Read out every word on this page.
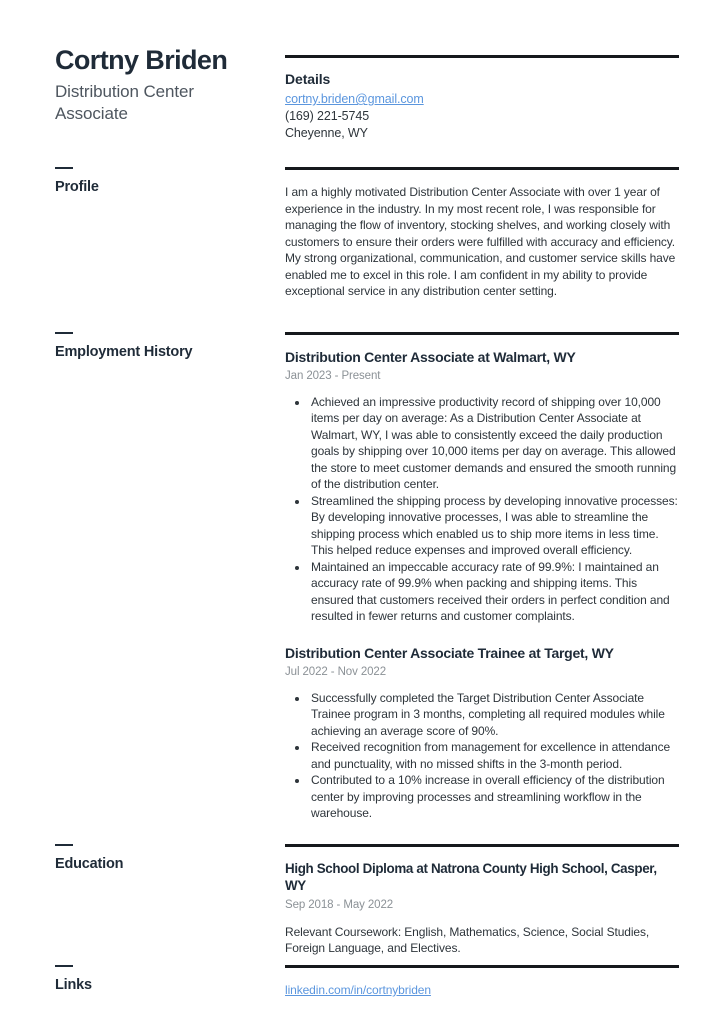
Cortny Briden
Distribution Center Associate
Details
cortny.briden@gmail.com
(169) 221-5745
Cheyenne, WY
Profile	I am a highly motivated Distribution Center Associate with over 1 year of experience in the industry. In my most recent role, I was responsible for managing the flow of inventory, stocking shelves, and working closely with customers to ensure their orders were fulfilled with accuracy and efficiency. My strong organizational, communication, and customer service skills have enabled me to excel in this role. I am confident in my ability to provide exceptional service in any distribution center setting.
Employment History	Distribution Center Associate at Walmart, WY
Jan 2023 - Present
• Achieved an impressive productivity record of shipping over 10,000 items per day on average: As a Distribution Center Associate at Walmart, WY, I was able to consistently exceed the daily production goals by shipping over 10,000 items per day on average. This allowed the store to meet customer demands and ensured the smooth running of the distribution center.
• Streamlined the shipping process by developing innovative processes: By developing innovative processes, I was able to streamline the shipping process which enabled us to ship more items in less time. This helped reduce expenses and improved overall efficiency.
• Maintained an impeccable accuracy rate of 99.9%: I maintained an accuracy rate of 99.9% when packing and shipping items. This ensured that customers received their orders in perfect condition and resulted in fewer returns and customer complaints.
Distribution Center Associate Trainee at Target, WY
Jul 2022 - Nov 2022
• Successfully completed the Target Distribution Center Associate Trainee program in 3 months, completing all required modules while achieving an average score of 90%.
• Received recognition from management for excellence in attendance and punctuality, with no missed shifts in the 3-month period.
• Contributed to a 10% increase in overall efficiency of the distribution center by improving processes and streamlining workflow in the warehouse.
Education	High School Diploma at Natrona County High School, Casper, WY
Sep 2018 - May 2022
Relevant Coursework: English, Mathematics, Science, Social Studies, Foreign Language, and Electives.
Links	linkedin.com/in/cortnybriden
